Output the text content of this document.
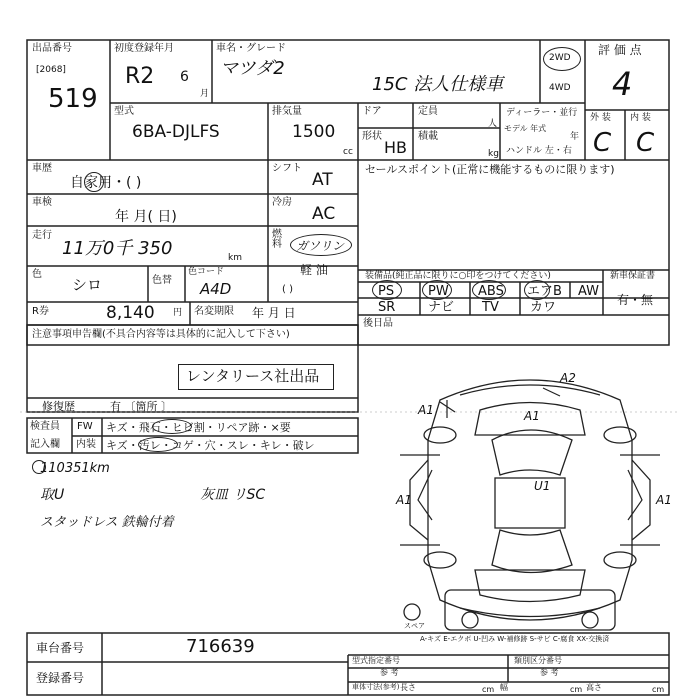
出品番号
[2068]
519
初度登録年月
R2 6
月
車名・グレード
マツダ2
15C 法人仕様車
2WD
4WD
評 価 点
4
外 装 内 装
C C
型式
6BA-DJLFS
排気量
1500
cc
ドア
形状
HB
定員
人
積載
kg
ディーラー・並行
モデル 年式
年
ハンドル 左・右
車歴
自家用・( )
シフト
AT
車検
年 月( 日)
冷房
AC
走行
11万0千 350	km
燃料	ガソリン
軽 油
( )
色
シロ	色替
色コード
A4D
R券	8,140 円 名変期限 年 月 日
セールスポイント(正常に機能するものに限ります)
装備品(純正品に限りに○印をつけてください)	新車保証書
有・無
PS	PW ABS エアB AW
SR	ナビ TV カワ
後日品
注意事項申告欄(不具合内容等は具体的に記入して下さい)
レンタリース社出品
修復歴	有 〔箇所 〕
検査員
記入欄
FW キズ・飛石・ヒビ割・リペア跡・×要
内装 キズ・汚レ・コゲ・穴・スレ・キレ・破レ
110351km
取U
スタッドレス 鉄輪付着
灰皿 リSC
A2
A1	A1
U1
A1	A1
スペア
A-キズ E-エクボ U-凹み W-補修跡 S-サビ C-腐食 XX-交換済
車台番号	716639
登録番号
型式指定番号	類別区分番号
参 考	参 考
車体寸法(参考) 長さ	cm 幅	cm 高さ	cm
